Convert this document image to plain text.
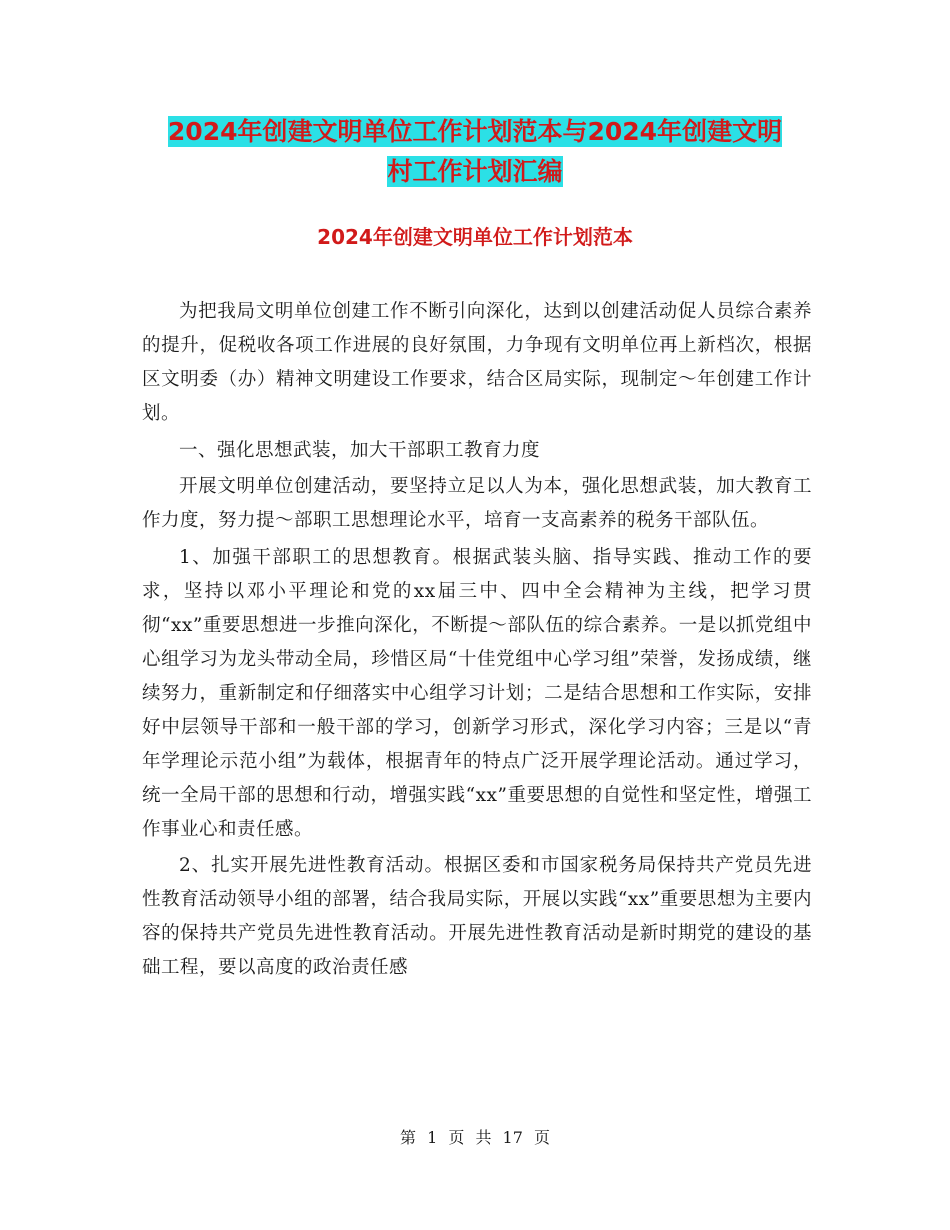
2024年创建文明单位工作计划范本与2024年创建文明
村工作计划汇编
2024年创建文明单位工作计划范本

为把我局文明单位创建工作不断引向深化，达到以创建活动促人员综合素养的提升，促税收各项工作进展的良好氛围，力争现有文明单位再上新档次，根据区文明委（办）精神文明建设工作要求，结合区局实际，现制定～年创建工作计划。

一、强化思想武装，加大干部职工教育力度

开展文明单位创建活动，要坚持立足以人为本，强化思想武装，加大教育工作力度，努力提～部职工思想理论水平，培育一支高素养的税务干部队伍。

1、加强干部职工的思想教育。根据武装头脑、指导实践、推动工作的要求，坚持以邓小平理论和党的xx届三中、四中全会精神为主线，把学习贯彻“xx”重要思想进一步推向深化，不断提～部队伍的综合素养。一是以抓党组中心组学习为龙头带动全局，珍惜区局“十佳党组中心学习组”荣誉，发扬成绩，继续努力，重新制定和仔细落实中心组学习计划；二是结合思想和工作实际，安排好中层领导干部和一般干部的学习，创新学习形式，深化学习内容；三是以“青年学理论示范小组”为载体，根据青年的特点广泛开展学理论活动。通过学习，统一全局干部的思想和行动，增强实践“xx”重要思想的自觉性和坚定性，增强工作事业心和责任感。

2、扎实开展先进性教育活动。根据区委和市国家税务局保持共产党员先进性教育活动领导小组的部署，结合我局实际，开展以实践“xx”重要思想为主要内容的保持共产党员先进性教育活动。开展先进性教育活动是新时期党的建设的基础工程，要以高度的政治责任感

第 1 页 共 17 页
